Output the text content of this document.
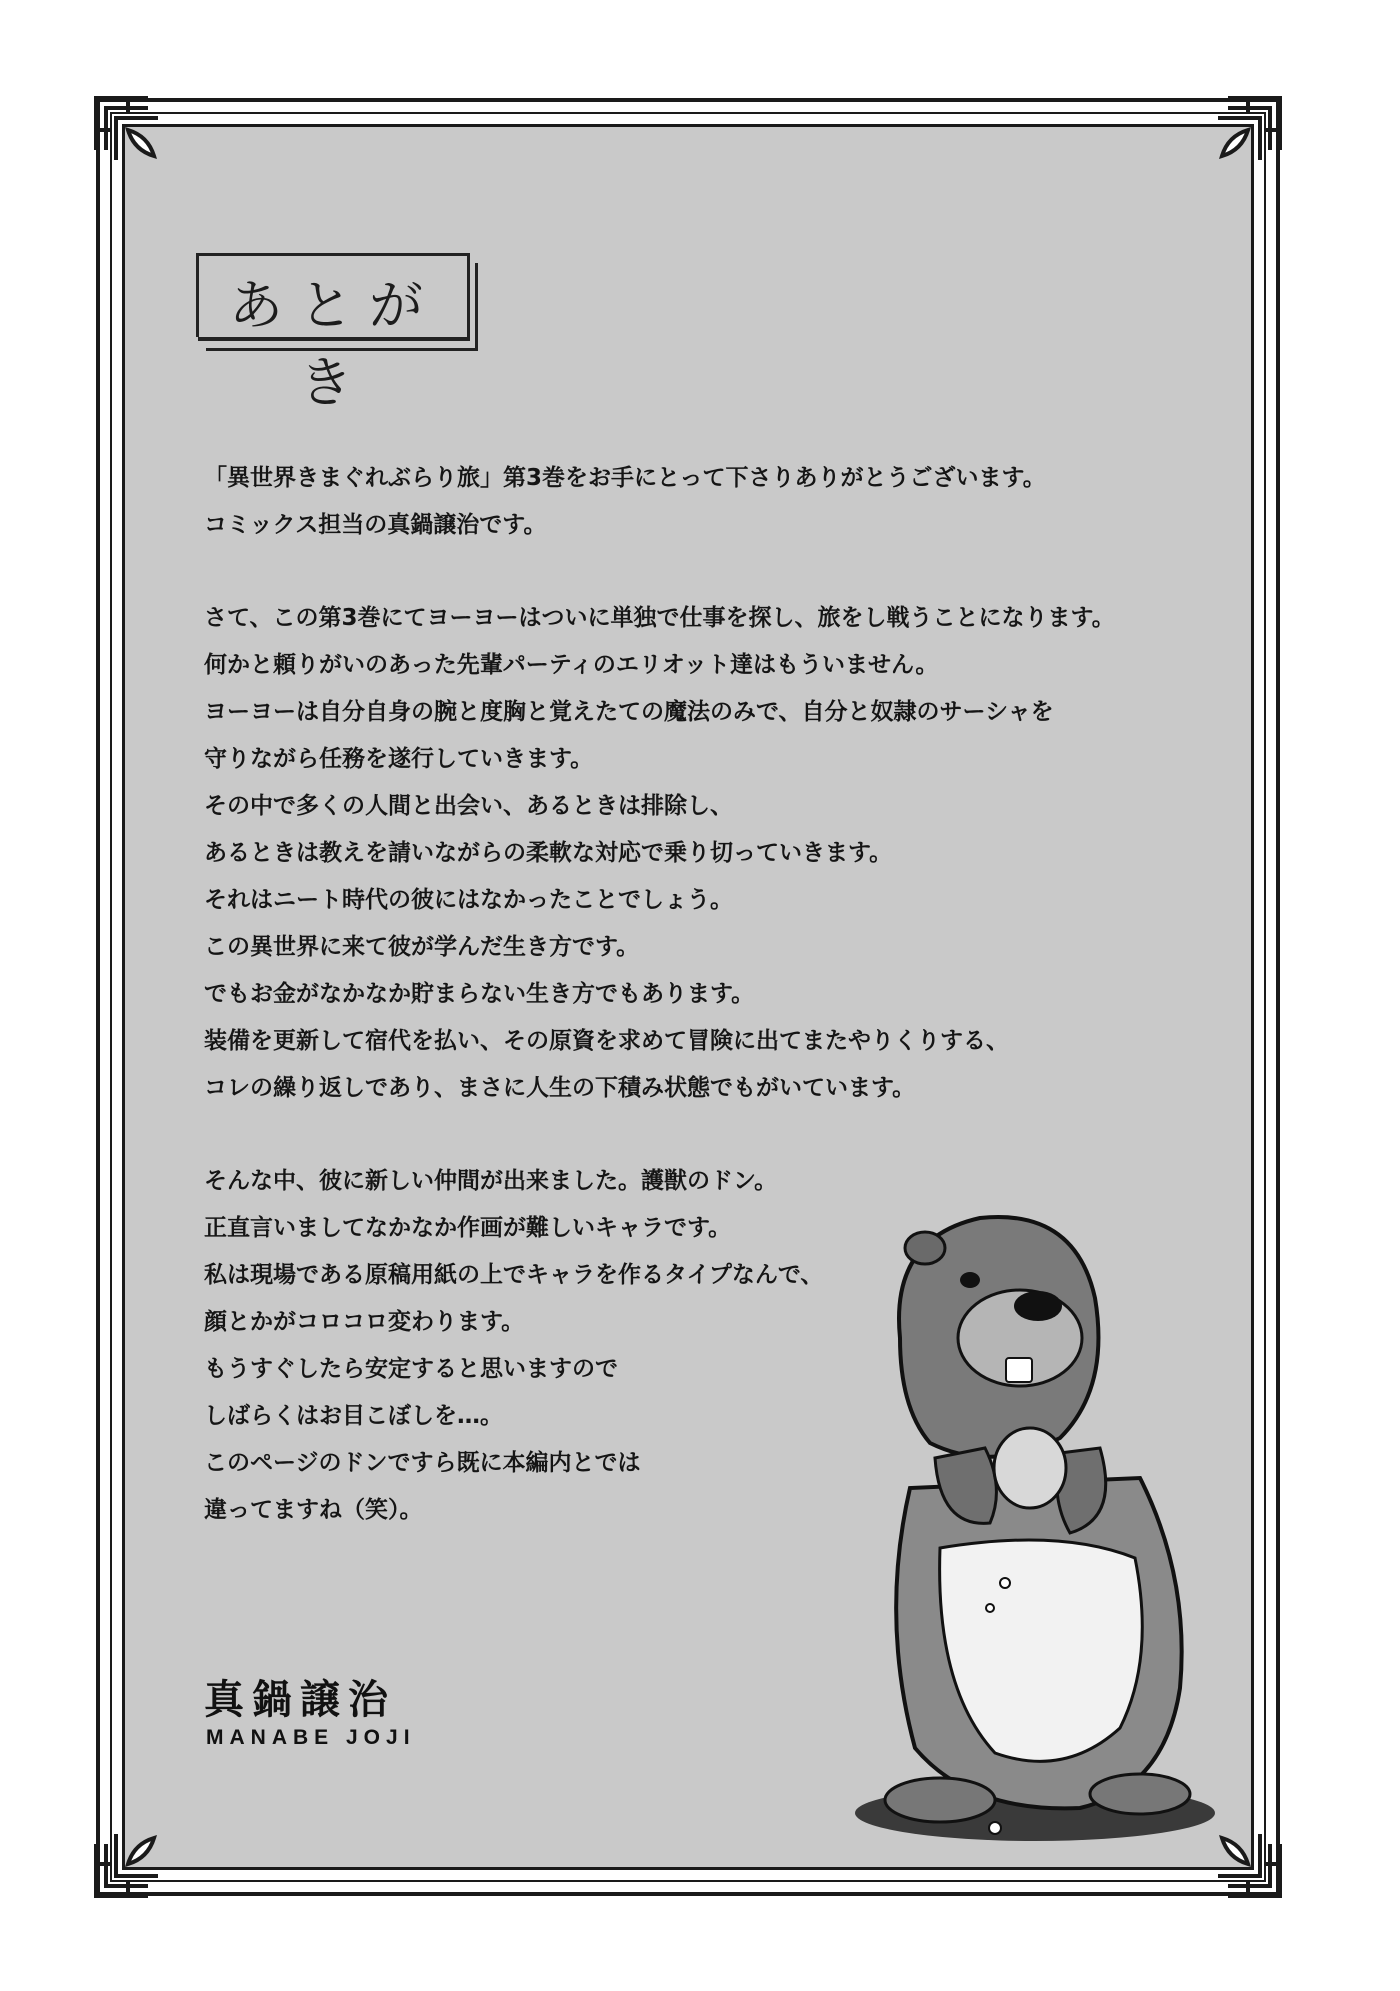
あとがき
「異世界きまぐれぶらり旅」第3巻をお手にとって下さりありがとうございます。
コミックス担当の真鍋譲治です。
さて、この第3巻にてヨーヨーはついに単独で仕事を探し、旅をし戦うことになります。
何かと頼りがいのあった先輩パーティのエリオット達はもういません。
ヨーヨーは自分自身の腕と度胸と覚えたての魔法のみで、自分と奴隷のサーシャを
守りながら任務を遂行していきます。
その中で多くの人間と出会い、あるときは排除し、
あるときは教えを請いながらの柔軟な対応で乗り切っていきます。
それはニート時代の彼にはなかったことでしょう。
この異世界に来て彼が学んだ生き方です。
でもお金がなかなか貯まらない生き方でもあります。
装備を更新して宿代を払い、その原資を求めて冒険に出てまたやりくりする、
コレの繰り返しであり、まさに人生の下積み状態でもがいています。
そんな中、彼に新しい仲間が出来ました。護獣のドン。
正直言いましてなかなか作画が難しいキャラです。
私は現場である原稿用紙の上でキャラを作るタイプなんで、
顔とかがコロコロ変わります。
もうすぐしたら安定すると思いますので
しばらくはお目こぼしを…。
このページのドンですら既に本編内とでは
違ってますね（笑）。
真鍋譲治
MANABE JOJI
